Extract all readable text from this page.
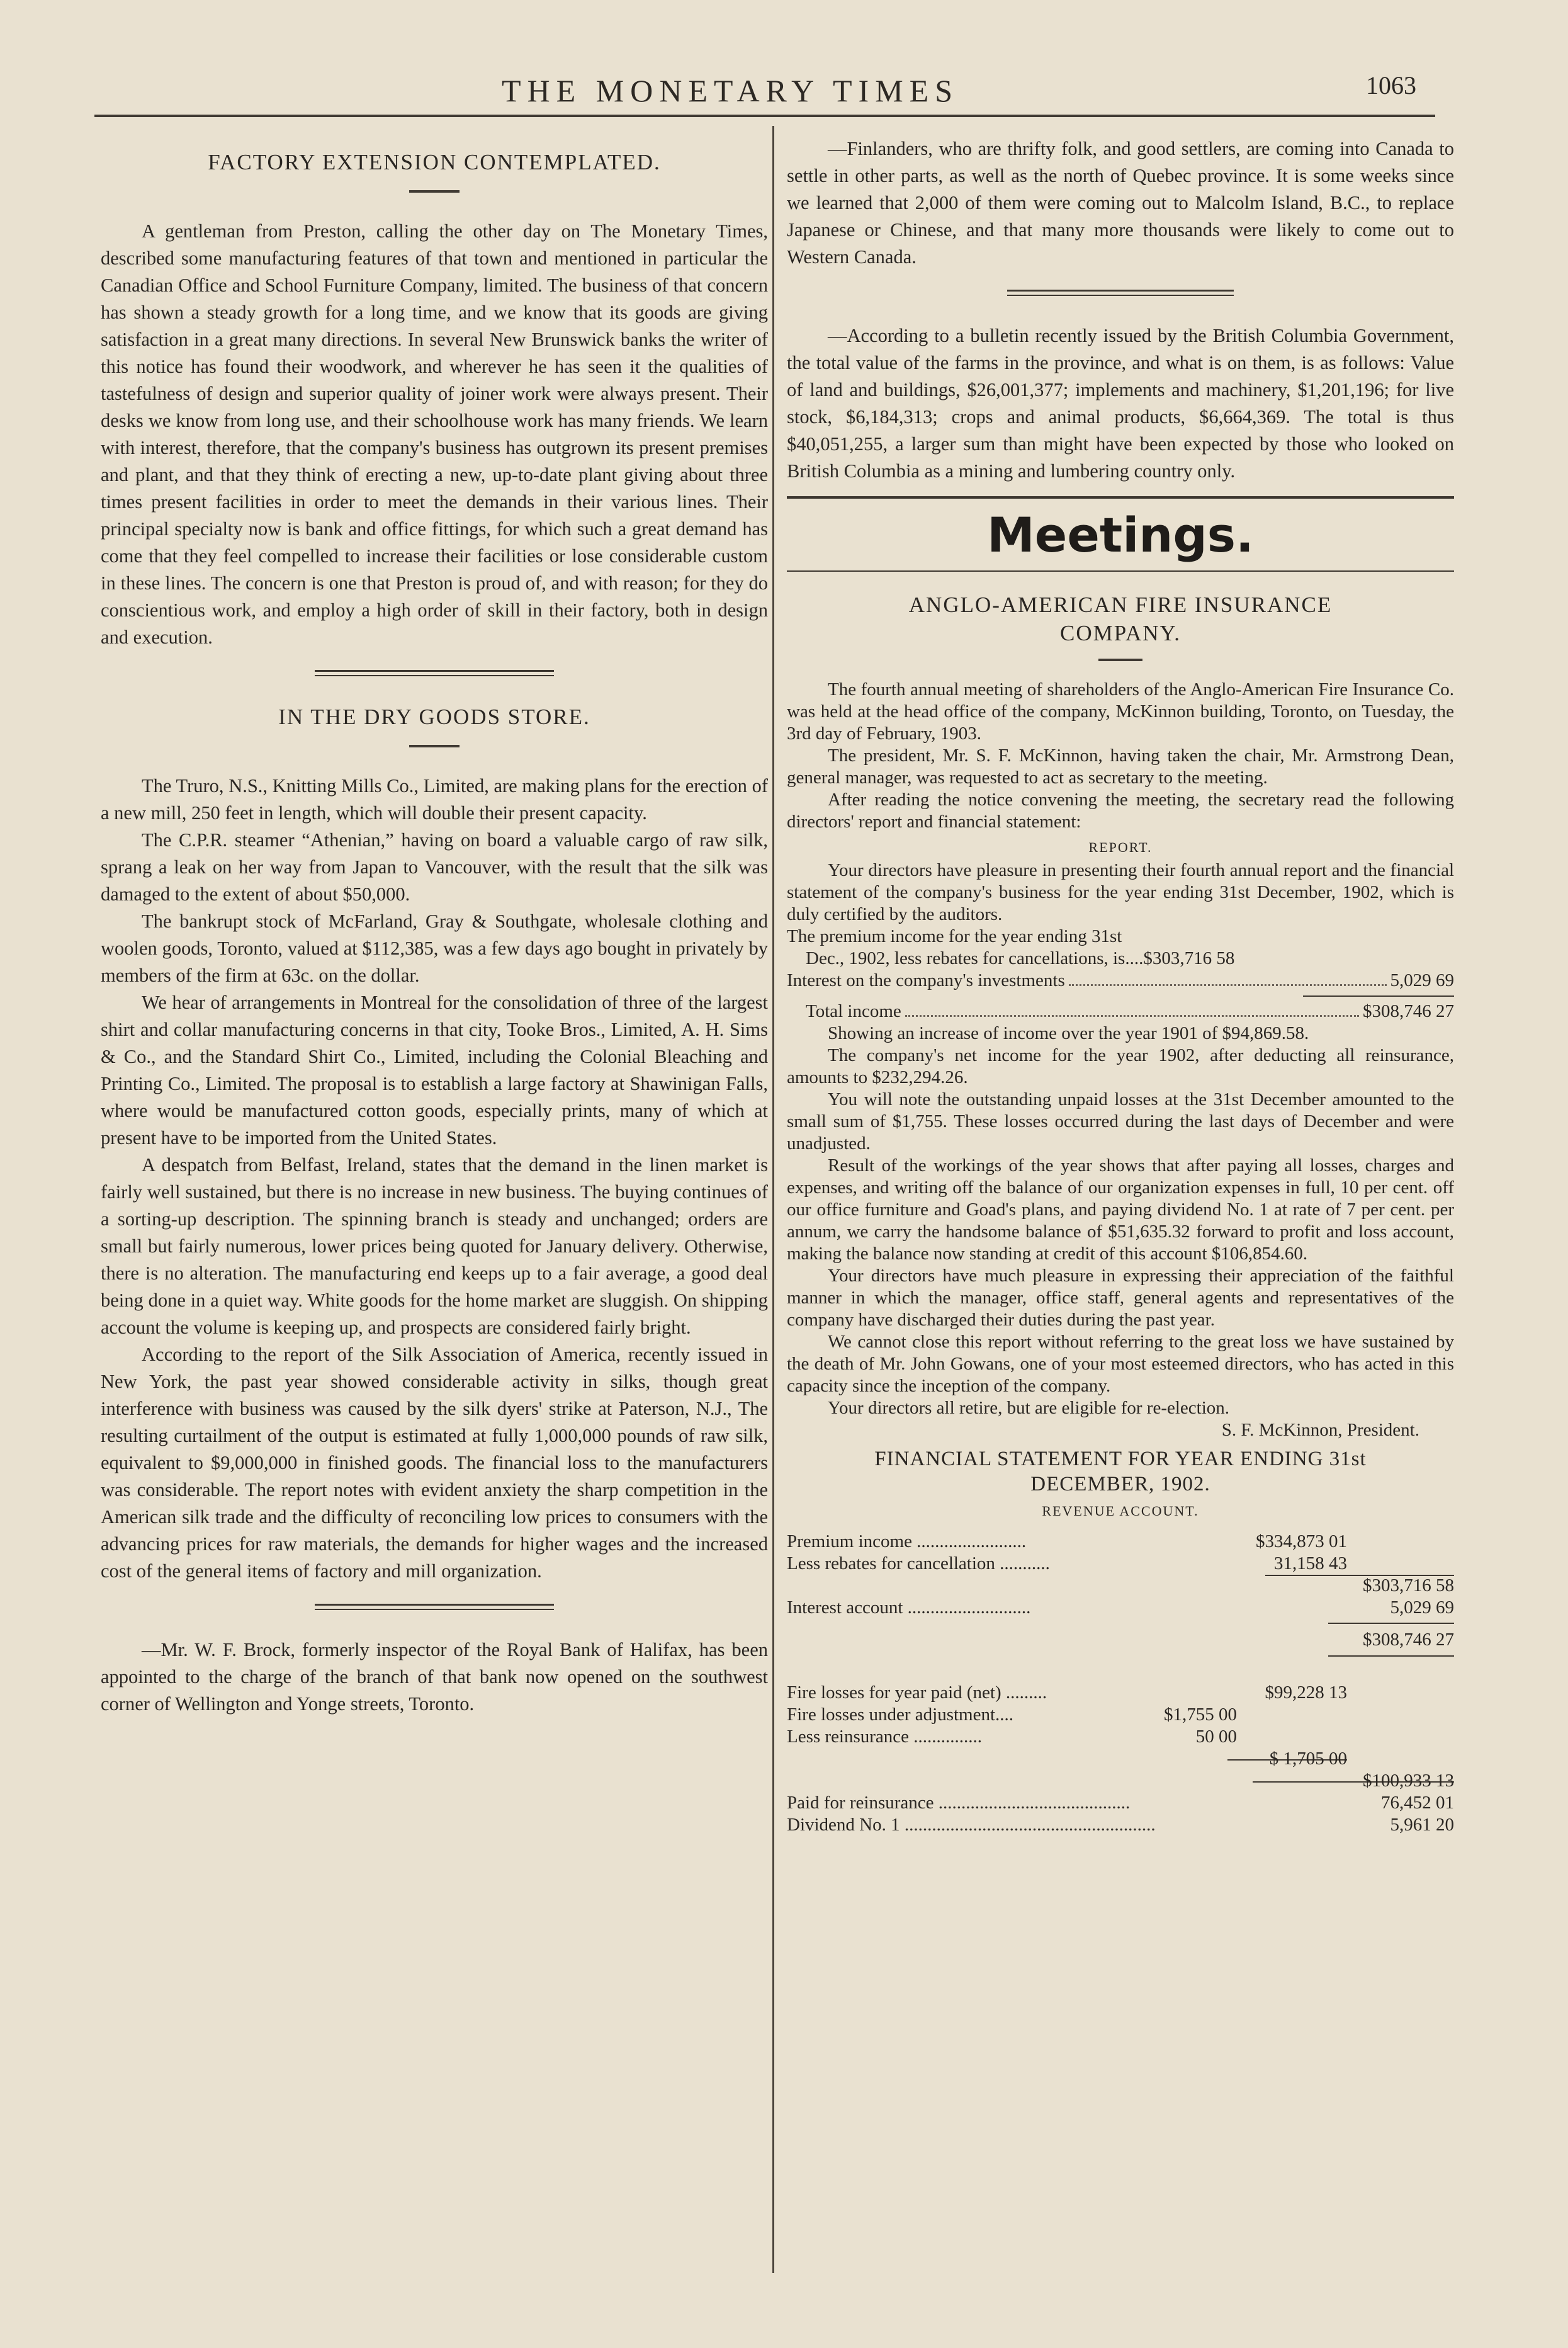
THE MONETARY TIMES	1063
FACTORY EXTENSION CONTEMPLATED.

A gentleman from Preston, calling the other day on The Monetary Times, described some manufacturing features of that town and mentioned in particular the Canadian Office and School Furniture Company, limited. The business of that concern has shown a steady growth for a long time, and we know that its goods are giving satisfaction in a great many directions. In several New Brunswick banks the writer of this notice has found their woodwork, and wherever he has seen it the qualities of tastefulness of design and superior quality of joiner work were always present. Their desks we know from long use, and their schoolhouse work has many friends. We learn with interest, therefore, that the company's business has outgrown its present premises and plant, and that they think of erecting a new, up-to-date plant giving about three times present facilities in order to meet the demands in their various lines. Their principal specialty now is bank and office fittings, for which such a great demand has come that they feel compelled to increase their facilities or lose considerable custom in these lines. The concern is one that Preston is proud of, and with reason; for they do conscientious work, and employ a high order of skill in their factory, both in design and execution.

IN THE DRY GOODS STORE.

The Truro, N.S., Knitting Mills Co., Limited, are making plans for the erection of a new mill, 250 feet in length, which will double their present capacity.

The C.P.R. steamer “Athenian,” having on board a valuable cargo of raw silk, sprang a leak on her way from Japan to Vancouver, with the result that the silk was damaged to the extent of about $50,000.

The bankrupt stock of McFarland, Gray & Southgate, wholesale clothing and woolen goods, Toronto, valued at $112,385, was a few days ago bought in privately by members of the firm at 63c. on the dollar.

We hear of arrangements in Montreal for the consolidation of three of the largest shirt and collar manufacturing concerns in that city, Tooke Bros., Limited, A. H. Sims & Co., and the Standard Shirt Co., Limited, including the Colonial Bleaching and Printing Co., Limited. The proposal is to establish a large factory at Shawinigan Falls, where would be manufactured cotton goods, especially prints, many of which at present have to be imported from the United States.

A despatch from Belfast, Ireland, states that the demand in the linen market is fairly well sustained, but there is no increase in new business. The buying continues of a sorting-up description. The spinning branch is steady and unchanged; orders are small but fairly numerous, lower prices being quoted for January delivery. Otherwise, there is no alteration. The manufacturing end keeps up to a fair average, a good deal being done in a quiet way. White goods for the home market are sluggish. On shipping account the volume is keeping up, and prospects are considered fairly bright.

According to the report of the Silk Association of America, recently issued in New York, the past year showed considerable activity in silks, though great interference with business was caused by the silk dyers' strike at Paterson, N.J., The resulting curtailment of the output is estimated at fully 1,000,000 pounds of raw silk, equivalent to $9,000,000 in finished goods. The financial loss to the manufacturers was considerable. The report notes with evident anxiety the sharp competition in the American silk trade and the difficulty of reconciling low prices to consumers with the advancing prices for raw materials, the demands for higher wages and the increased cost of the general items of factory and mill organization.

—Mr. W. F. Brock, formerly inspector of the Royal Bank of Halifax, has been appointed to the charge of the branch of that bank now opened on the southwest corner of Wellington and Yonge streets, Toronto.

—Finlanders, who are thrifty folk, and good settlers, are coming into Canada to settle in other parts, as well as the north of Quebec province. It is some weeks since we learned that 2,000 of them were coming out to Malcolm Island, B.C., to replace Japanese or Chinese, and that many more thousands were likely to come out to Western Canada.

—According to a bulletin recently issued by the British Columbia Government, the total value of the farms in the province, and what is on them, is as follows: Value of land and buildings, $26,001,377; implements and machinery, $1,201,196; for live stock, $6,184,313; crops and animal products, $6,664,369. The total is thus $40,051,255, a larger sum than might have been expected by those who looked on British Columbia as a mining and lumbering country only.

Meetings.
ANGLO-AMERICAN FIRE INSURANCE
COMPANY.

The fourth annual meeting of shareholders of the Anglo-American Fire Insurance Co. was held at the head office of the company, McKinnon building, Toronto, on Tuesday, the 3rd day of February, 1903.

The president, Mr. S. F. McKinnon, having taken the chair, Mr. Armstrong Dean, general manager, was requested to act as secretary to the meeting.

After reading the notice convening the meeting, the secretary read the following directors' report and financial statement:

REPORT.

Your directors have pleasure in presenting their fourth annual report and the financial statement of the company's business for the year ending 31st December, 1902, which is duly certified by the auditors.

The premium income for the year ending 31st
Dec., 1902, less rebates for cancellations, is.... $303,716 58
Interest on the company's investments	5,029 69
Total income	$308,746 27

Showing an increase of income over the year 1901 of $94,869.58.

The company's net income for the year 1902, after deducting all reinsurance, amounts to $232,294.26.

You will note the outstanding unpaid losses at the 31st December amounted to the small sum of $1,755. These losses occurred during the last days of December and were unadjusted.

Result of the workings of the year shows that after paying all losses, charges and expenses, and writing off the balance of our organization expenses in full, 10 per cent. off our office furniture and Goad's plans, and paying dividend No. 1 at rate of 7 per cent. per annum, we carry the handsome balance of $51,635.32 forward to profit and loss account, making the balance now standing at credit of this account $106,854.60.

Your directors have much pleasure in expressing their appreciation of the faithful manner in which the manager, office staff, general agents and representatives of the company have discharged their duties during the past year.

We cannot close this report without referring to the great loss we have sustained by the death of Mr. John Gowans, one of your most esteemed directors, who has acted in this capacity since the inception of the company.

Your directors all retire, but are eligible for re-election.

S. F. McKinnon, President.

FINANCIAL STATEMENT FOR YEAR ENDING 31st
DECEMBER, 1902.
REVENUE ACCOUNT.
Premium income ........................	$334,873 01
Less rebates for cancellation ...........	31,158 43
$303,716 58
Interest account ...........................	5,029 69
$308,746 27
Fire losses for year paid (net) .........	$99,228 13
Fire losses under adjustment....	$1,755 00
Less reinsurance ...............	50 00
$ 1,705 00
$100,933 13
Paid for reinsurance ..........................................	76,452 01
Dividend No. 1 .......................................................	5,961 20
